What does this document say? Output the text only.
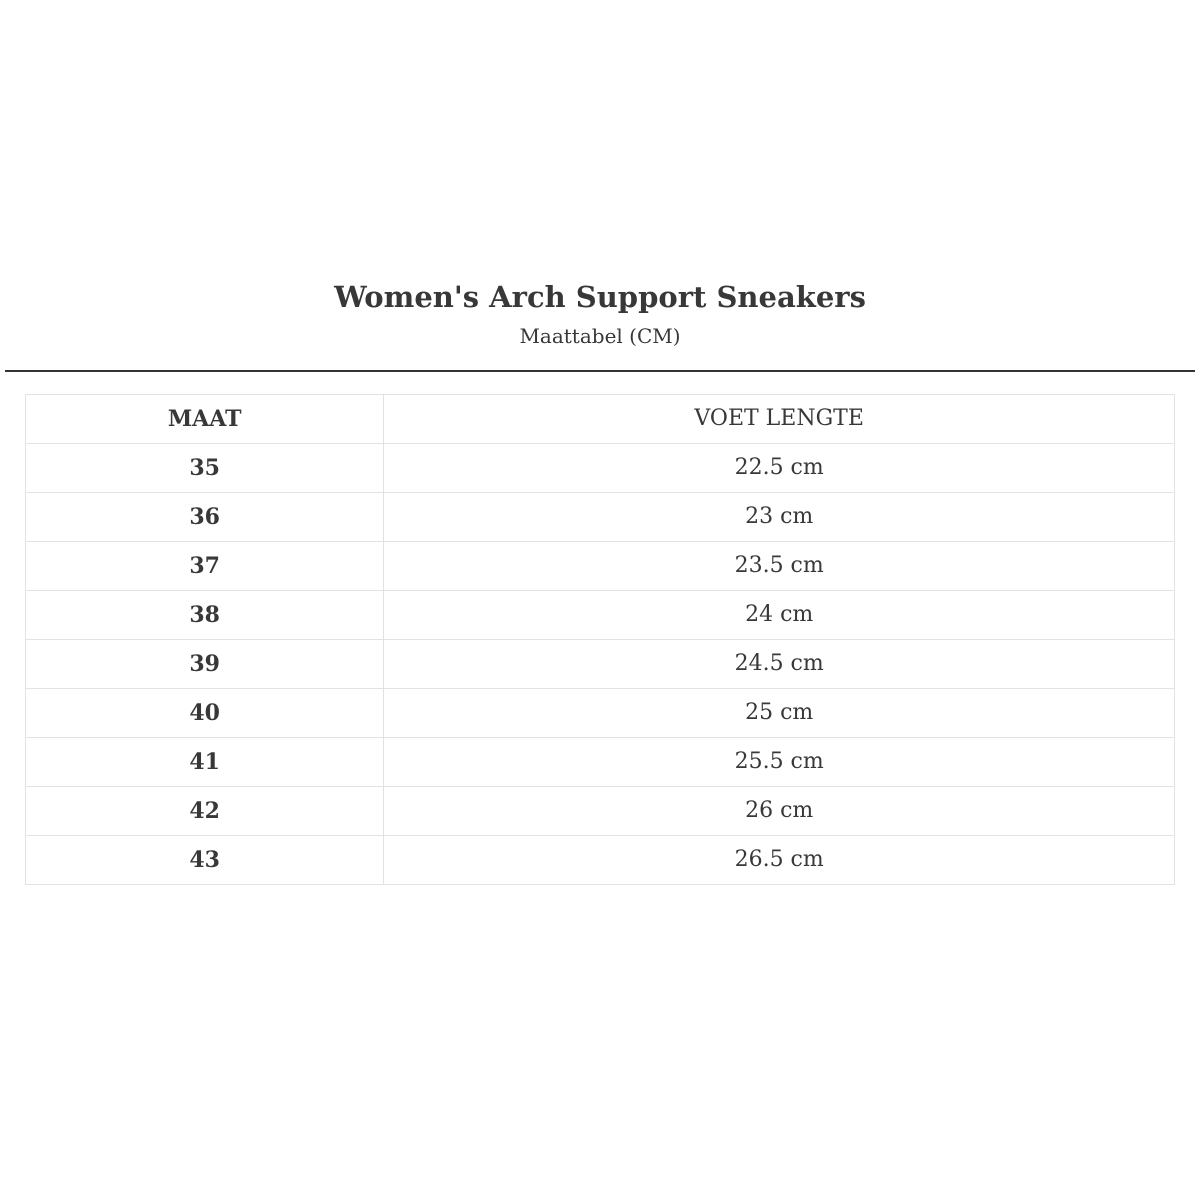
Women's Arch Support Sneakers
Maattabel (CM)
MAAT	VOET LENGTE
35	22.5 cm
36	23 cm
37	23.5 cm
38	24 cm
39	24.5 cm
40	25 cm
41	25.5 cm
42	26 cm
43	26.5 cm
